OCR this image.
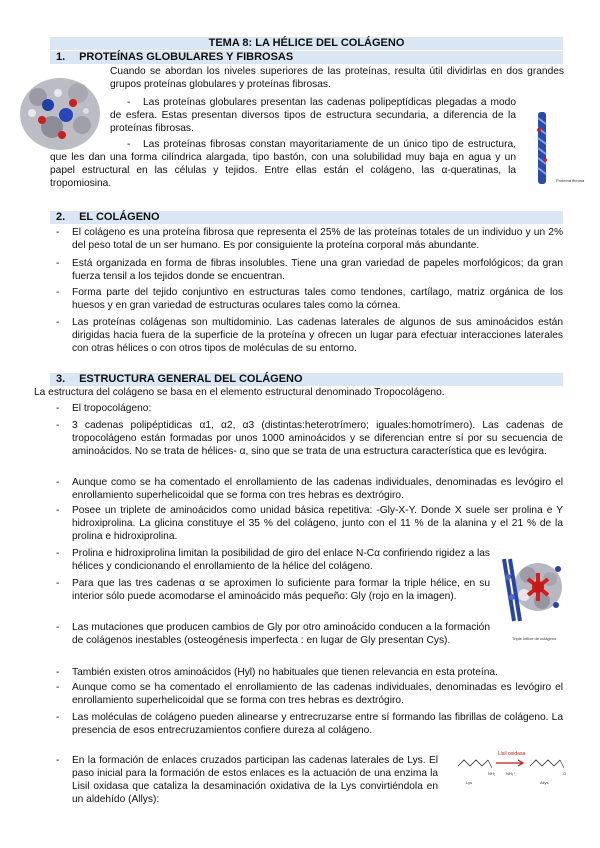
TEMA 8: LA HÉLICE DEL COLÁGENO
1. PROTEÍNAS GLOBULARES Y FIBROSAS

Cuando se abordan los niveles superiores de las proteínas, resulta útil dividirlas en dos grandes grupos proteínas globulares y proteínas fibrosas.

-	Las proteínas globulares presentan las cadenas polipeptídicas plegadas a modo de esfera. Estas presentan diversos tipos de estructura secundaria, a diferencia de la proteínas fibrosas.

-	Las proteínas fibrosas constan mayoritariamente de un único tipo de estructura, que les dan una forma cilíndrica alargada, tipo bastón, con una solubilidad muy baja en agua y un papel estructural en las células y tejidos. Entre ellas están el colágeno, las α-queratinas, la tropomiosina.	Proteína fibrosa
2. EL COLÁGENO
- El colágeno es una proteína fibrosa que representa el 25% de las proteínas totales de un individuo y un 2% del peso total de un ser humano. Es por consiguiente la proteína corporal más abundante.

- Está organizada en forma de fibras insolubles. Tiene una gran variedad de papeles morfológicos; da gran fuerza tensil a los tejidos donde se encuentran.

- Forma parte del tejido conjuntivo en estructuras tales como tendones, cartílago, matriz orgánica de los huesos y en gran variedad de estructuras oculares tales como la córnea.

- Las proteínas colágenas son multidominio. Las cadenas laterales de algunos de sus aminoácidos están dirigidas hacia fuera de la superficie de la proteína y ofrecen un lugar para efectuar interacciones laterales con otras hélices o con otros tipos de moléculas de su entorno.

3. ESTRUCTURA GENERAL DEL COLÁGENO

La estructura del colágeno se basa en el elemento estructural denominado Tropocolágeno.

- El tropocolágeno:

- 3 cadenas polipéptidicas α1, α2, α3 (distintas:heterotrímero; iguales:homotrímero). Las cadenas de tropocolágeno están formadas por unos 1000 aminoácidos y se diferencian entre sí por su secuencia de aminoácidos. No se trata de hélices- α, sino que se trata de una estructura característica que es levógira.

- Aunque como se ha comentado el enrollamiento de las cadenas individuales, denominadas es levógiro el enrollamiento superhelicoidal que se forma con tres hebras es dextrógiro.

- Posee un triplete de aminoácidos como unidad básica repetitiva: -Gly-X-Y. Donde X suele ser prolina e Y hidroxiprolina. La glicina constituye el 35 % del colágeno, junto con el 11 % de la alanina y el 21 % de la prolina e hidroxiprolina.

- Prolina e hidroxiprolina limitan la posibilidad de giro del enlace N-Cα confiriendo rigidez a las hélices y condicionando el enrollamiento de la hélice del colágeno.

- Para que las tres cadenas α se aproximen lo suficiente para formar la triple hélice, en su interior sólo puede acomodarse el aminoácido más pequeño: Gly (rojo en la imagen).

- Las mutaciones que producen cambios de Gly por otro aminoácido conducen a la formación de colágenos inestables (osteogénesis imperfecta : en lugar de Gly presentan Cys).	Triple hélice de colágeno
- También existen otros aminoácidos (Hyl) no habituales que tienen relevancia en esta proteína.

- Aunque como se ha comentado el enrollamiento de las cadenas individuales, denominadas es levógiro el enrollamiento superhelicoidal que se forma con tres hebras es dextrógiro.

- Las moléculas de colágeno pueden alinearse y entrecruzarse entre sí formando las fibrillas de colágeno. La presencia de esos entrecruzamientos confiere dureza al colágeno.

- En la formación de enlaces cruzados participan las cadenas laterales de Lys. El paso inicial para la formación de estos enlaces es la actuación de una enzima la Lisil oxidasa que cataliza la desaminación oxidativa de la Lys convirtiéndola en un aldehído (Allys):

Lisil oxidasa
NH₂	NH₃⁺	O
Lys	Allys
